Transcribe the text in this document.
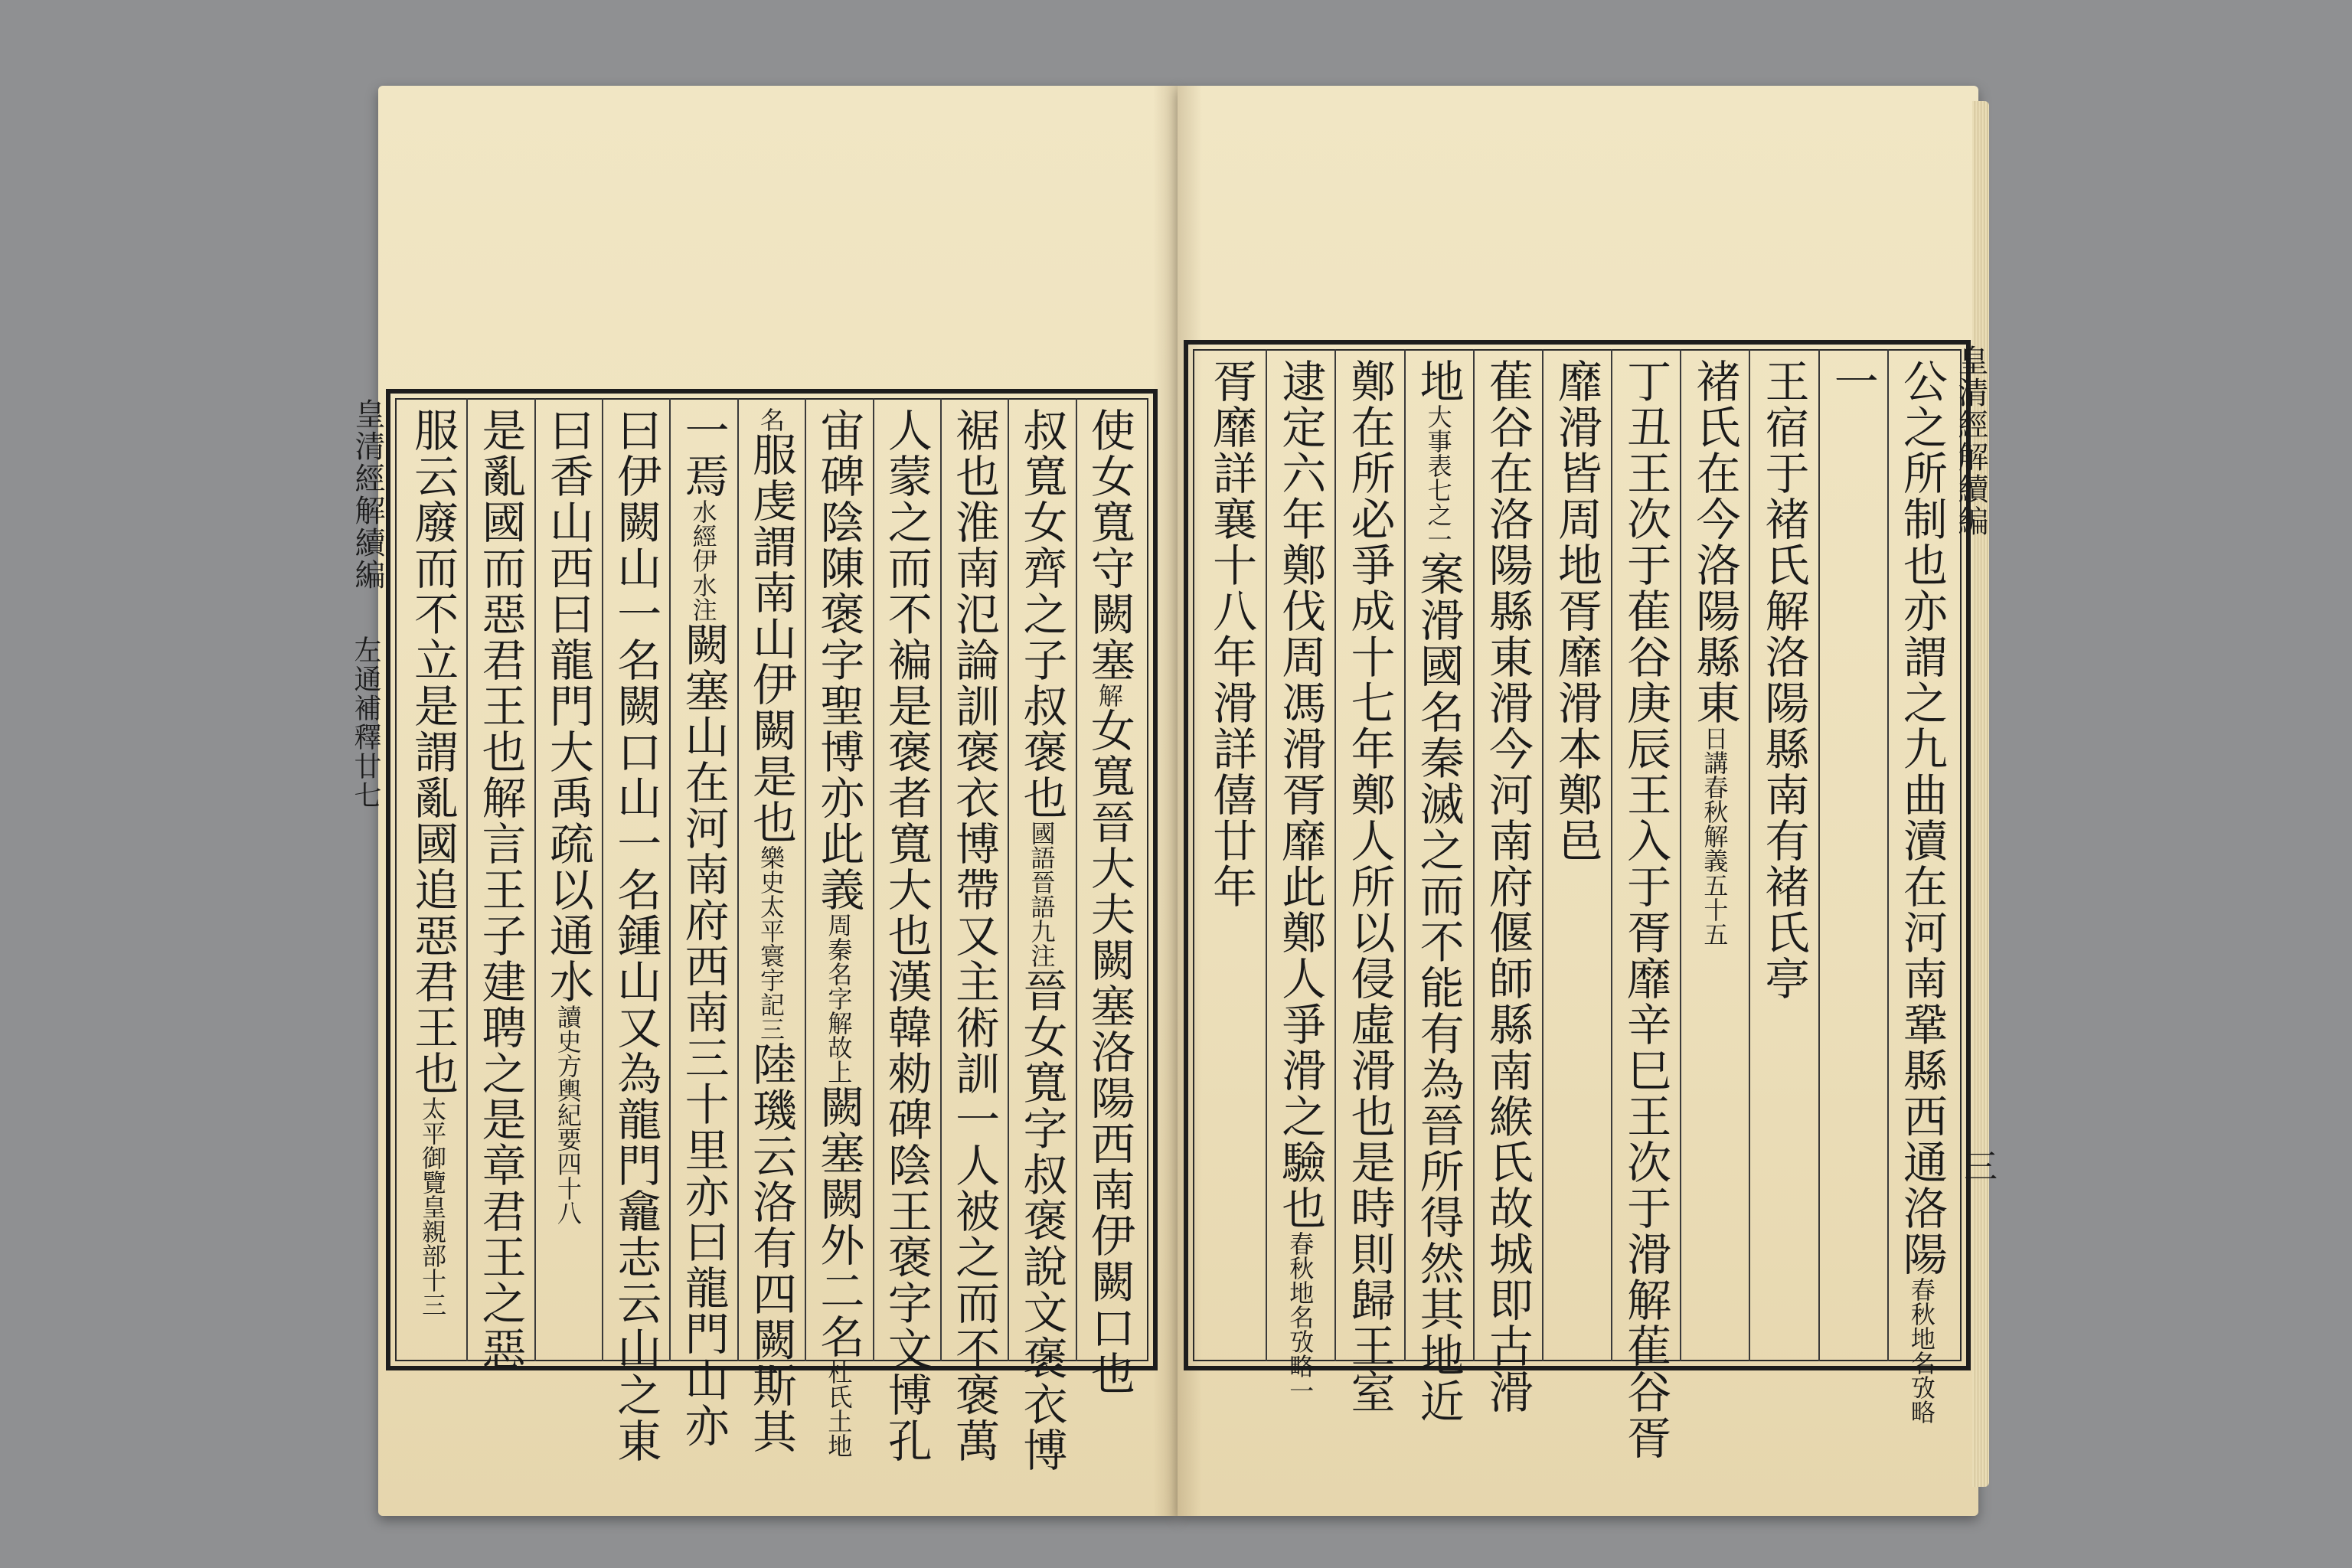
使女寬守闕塞解女寬晉大夫闕塞洛陽西南伊闕口也
叔寬女齊之子叔褒也國語晉語九注晉女寬字叔褒說文褒衣博
裾也淮南氾論訓褒衣博帶又主術訓一人被之而不褒萬
人蒙之而不褊是褒者寬大也漢韓勑碑陰王褒字文博孔
宙碑陰陳褒字聖博亦此義周秦名字解故上闕塞闕外二名杜氏土地
名服虔謂南山伊闕是也樂史太平寰宇記三陸璣云洛有四闕斯其
一焉水經伊水注闕塞山在河南府西南三十里亦曰龍門山亦
曰伊闕山一名闕口山一名鍾山又為龍門龕志云山之東
曰香山西曰龍門大禹疏以通水讀史方輿紀要四十八
是亂國而惡君王也解言王子建聘之是章君王之惡
服云廢而不立是謂亂國追惡君王也太平御覽皇親部十三
皇清經解續編
左通補釋廿七	公之所制也亦謂之九曲瀆在河南鞏縣西通洛陽春秋地名攷略
一
王宿于褚氏解洛陽縣南有褚氏亭
褚氏在今洛陽縣東日講春秋解義五十五
丁丑王次于萑谷庚辰王入于胥靡辛巳王次于滑解萑谷胥
靡滑皆周地胥靡滑本鄭邑
萑谷在洛陽縣東滑今河南府偃師縣南緱氏故城即古滑
地大事表七之一案滑國名秦滅之而不能有為晉所得然其地近
鄭在所必爭成十七年鄭人所以侵虛滑也是時則歸王室
逮定六年鄭伐周馮滑胥靡此鄭人爭滑之驗也春秋地名攷略一
胥靡詳襄十八年滑詳僖廿年	皇清經解續編
三
